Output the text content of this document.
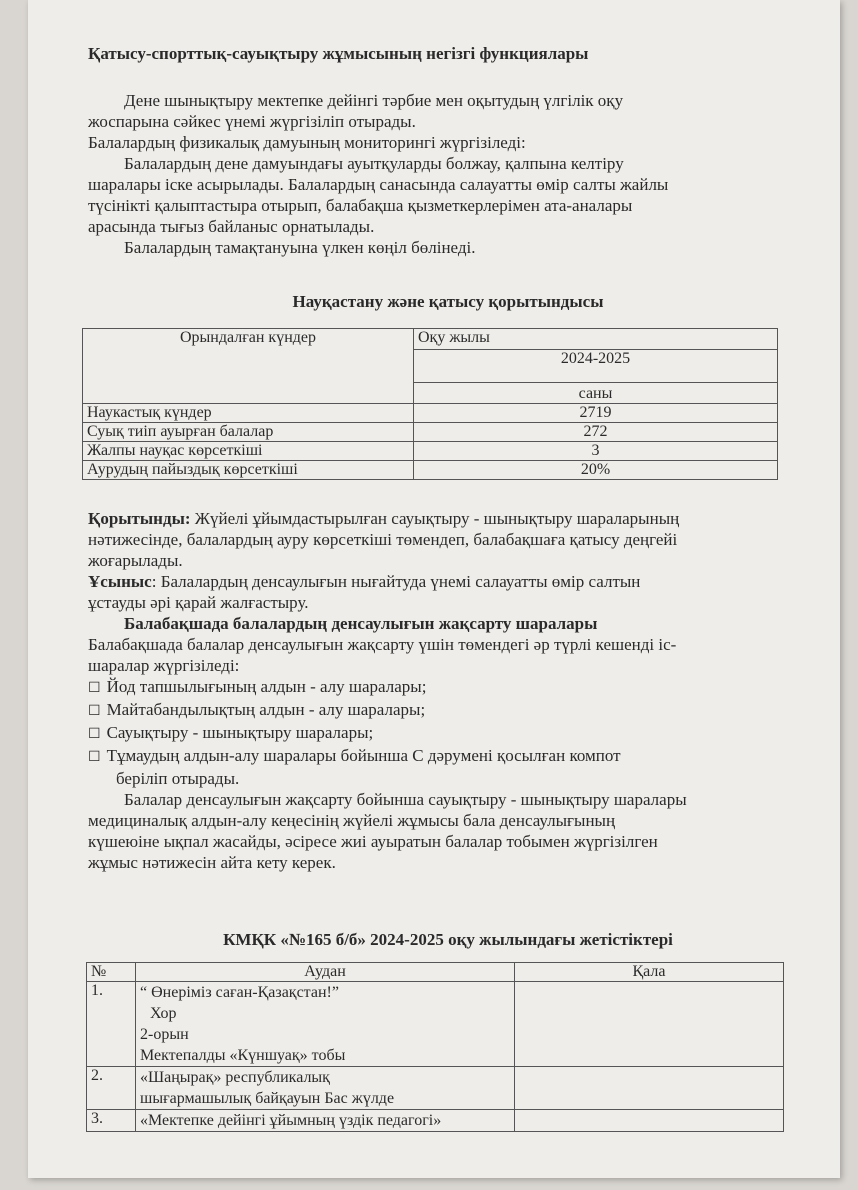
Қатысу-спорттық-сауықтыру жұмысының негізгі функциялары

Дене шынықтыру мектепке дейінгі тәрбие мен оқытудың үлгілік оқу

жоспарына сәйкес үнемі жүргізіліп отырады.

Балалардың физикалық дамуының мониторингі жүргізіледі:

Балалардың дене дамуындағы ауытқуларды болжау, қалпына келтіру

шаралары іске асырылады. Балалардың санасында салауатты өмір салты жайлы

түсінікті қалыптастыра отырып, балабақша қызметкерлерімен ата-аналары

арасында тығыз байланыс орнатылады.

Балалардың тамақтануына үлкен көңіл бөлінеді.

Науқастану және қатысу қорытындысы
Орындалған күндер	Оқу жылы
	2024-2025
	саны
Наукастық күндер	2719
Суық тиіп ауырған балалар	272
Жалпы науқас көрсеткіші	3
Аурудың пайыздық көрсеткіші	20%

Қорытынды: Жүйелі ұйымдастырылған сауықтыру - шынықтыру шараларының

нәтижесінде, балалардың ауру көрсеткіші төмендеп, балабақшаға қатысу деңгейі

жоғарылады.

Ұсыныс: Балалардың денсаулығын нығайтуда үнемі салауатты өмір салтын

ұстауды әрі қарай жалғастыру.

Балабақшада балалардың денсаулығын жақсарту шаралары

Балабақшада балалар денсаулығын жақсарту үшін төмендегі әр түрлі кешенді іс-

шаралар жүргізіледі:

☐ Йод тапшылығының алдын - алу шаралары;

☐ Майтабандылықтың алдын - алу шаралары;

☐ Сауықтыру - шынықтыру шаралары;

☐ Тұмаудың алдын-алу шаралары бойынша С дәрумені қосылған компот

беріліп отырады.

Балалар денсаулығын жақсарту бойынша сауықтыру - шынықтыру шаралары

медициналық алдын-алу кеңесінің жүйелі жұмысы бала денсаулығының

күшеюіне ықпал жасайды, әсіресе жиі ауыратын балалар тобымен жүргізілген

жұмыс нәтижесін айта кету керек.

КМҚК «№165 б/б» 2024-2025 оқу жылындағы жетістіктері
№	Аудан	Қала
1.	“ Өнеріміз саған-Қазақстан!”
Хор
2-орын
Мектепалды «Күншуақ» тобы	

2.	«Шаңырақ» республикалық
шығармашылық байқауын Бас жүлде	

3.	«Мектепке дейінгі ұйымның үздік педагогі»	
